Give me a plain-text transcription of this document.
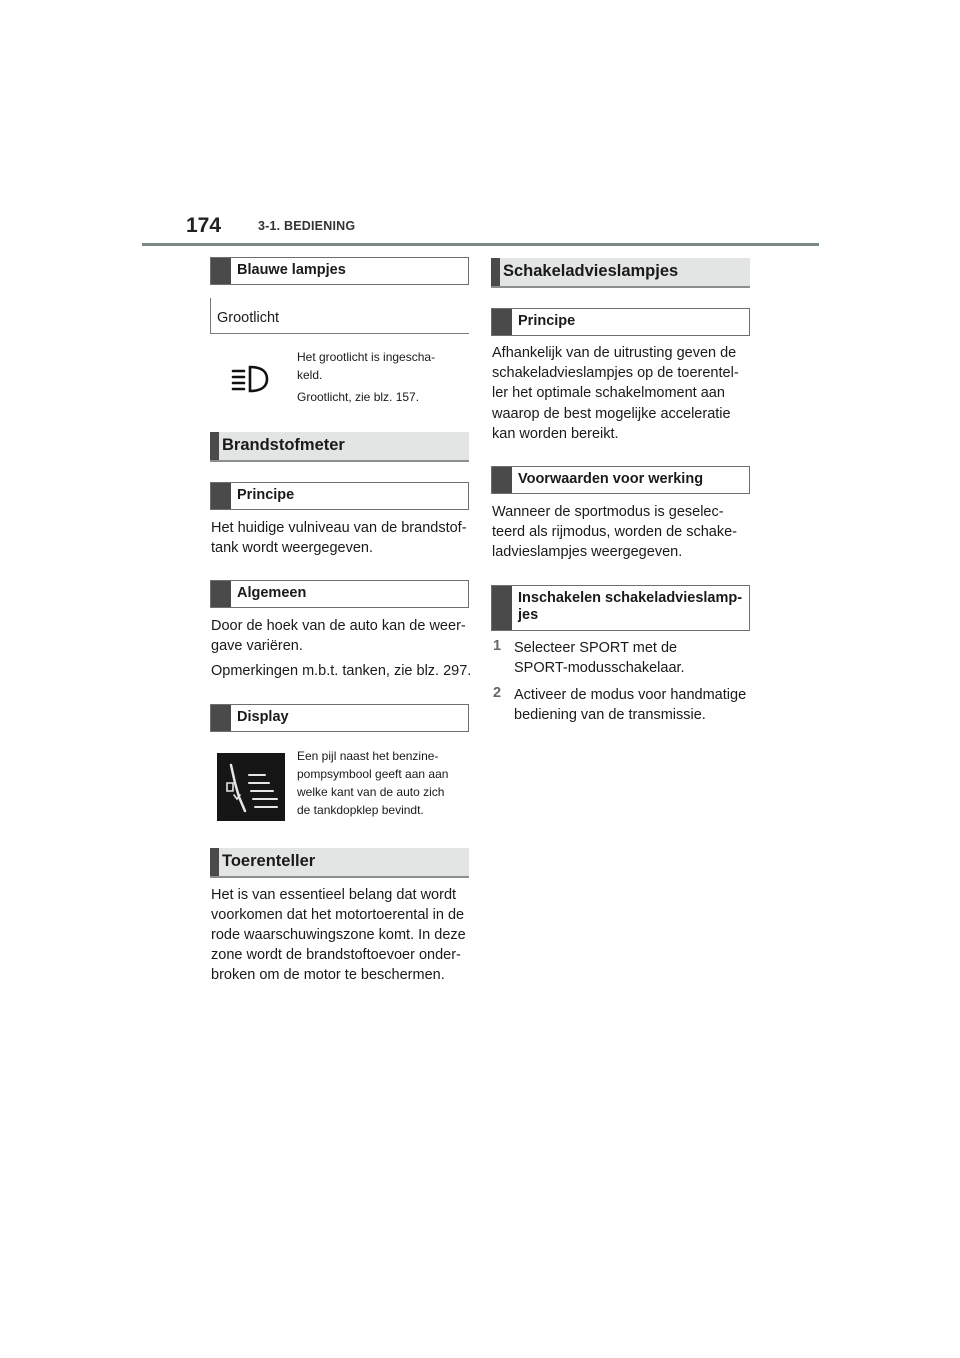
174	3-1. BEDIENING
Blauwe lampjes
Grootlicht
Het grootlicht is ingescha-
keld.
Grootlicht, zie blz. 157.
Brandstofmeter
Principe
Het huidige vulniveau van de brandstof-
tank wordt weergegeven.
Algemeen
Door de hoek van de auto kan de weer-
gave variëren.
Opmerkingen m.b.t. tanken, zie blz. 297.
Display
Een pijl naast het benzine-
pompsymbool geeft aan aan
welke kant van de auto zich
de tankdopklep bevindt.
Toerenteller
Het is van essentieel belang dat wordt
voorkomen dat het motortoerental in de
rode waarschuwingszone komt. In deze
zone wordt de brandstoftoevoer onder-
broken om de motor te beschermen.
Schakeladvieslampjes
Principe
Afhankelijk van de uitrusting geven de
schakeladvieslampjes op de toerentel-
ler het optimale schakelmoment aan
waarop de best mogelijke acceleratie
kan worden bereikt.
Voorwaarden voor werking
Wanneer de sportmodus is geselec-
teerd als rijmodus, worden de schake-
ladvieslampjes weergegeven.
Inschakelen schakeladvieslamp-
jes
1 Selecteer SPORT met de
SPORT-modusschakelaar.
2 Activeer de modus voor handmatige
bediening van de transmissie.
